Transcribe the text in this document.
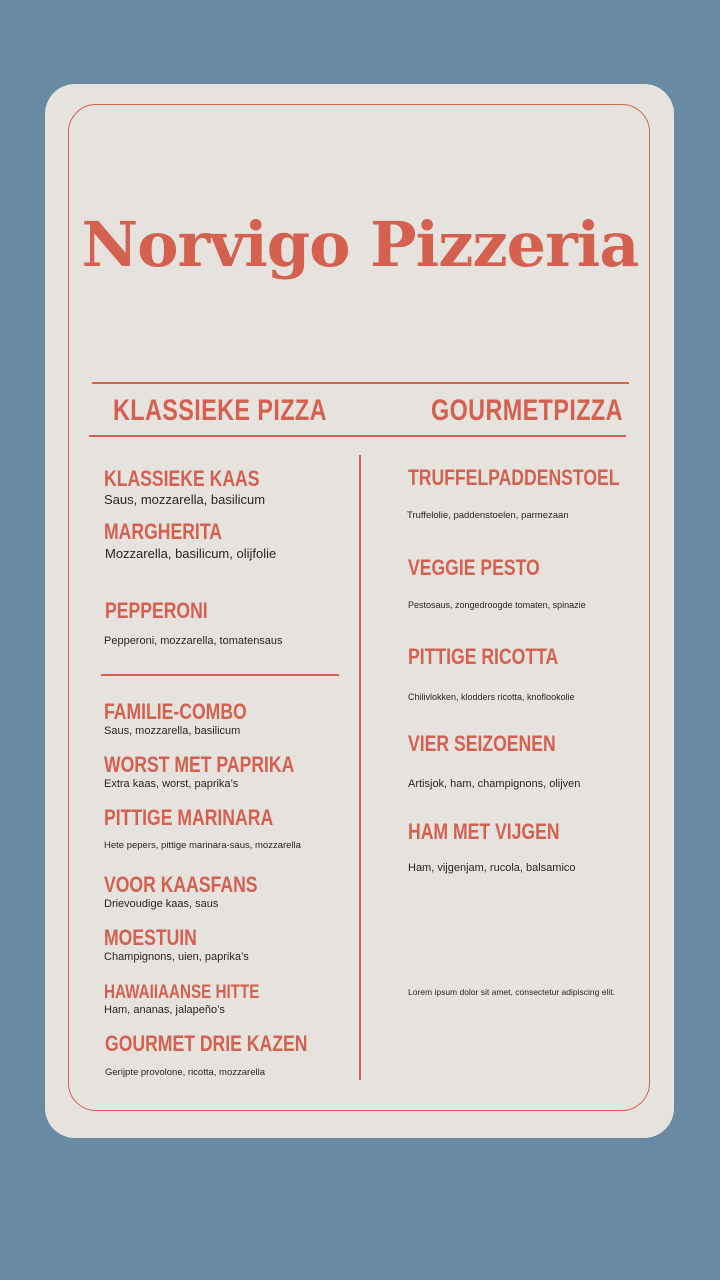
Norvigo Pizzeria
KLASSIEKE PIZZA	GOURMETPIZZA

KLASSIEKE KAAS

Saus, mozzarella, basilicum

MARGHERITA

Mozzarella, basilicum, olijfolie

PEPPERONI

Pepperoni, mozzarella, tomatensaus

FAMILIE-COMBO

Saus, mozzarella, basilicum

WORST MET PAPRIKA

Extra kaas, worst, paprika’s

PITTIGE MARINARA

Hete pepers, pittige marinara-saus, mozzarella

VOOR KAASFANS

Drievoudige kaas, saus

MOESTUIN

Champignons, uien, paprika’s

HAWAIIAANSE HITTE

Ham, ananas, jalapeño’s

GOURMET DRIE KAZEN

Gerijpte provolone, ricotta, mozzarella

TRUFFELPADDENSTOEL

Truffelolie, paddenstoelen, parmezaan

VEGGIE PESTO

Pestosaus, zongedroogde tomaten, spinazie

PITTIGE RICOTTA

Chilivlokken, klodders ricotta, knoflookolie

VIER SEIZOENEN

Artisjok, ham, champignons, olijven

HAM MET VIJGEN

Ham, vijgenjam, rucola, balsamico

Lorem ipsum dolor sit amet, consectetur adipiscing elit.
